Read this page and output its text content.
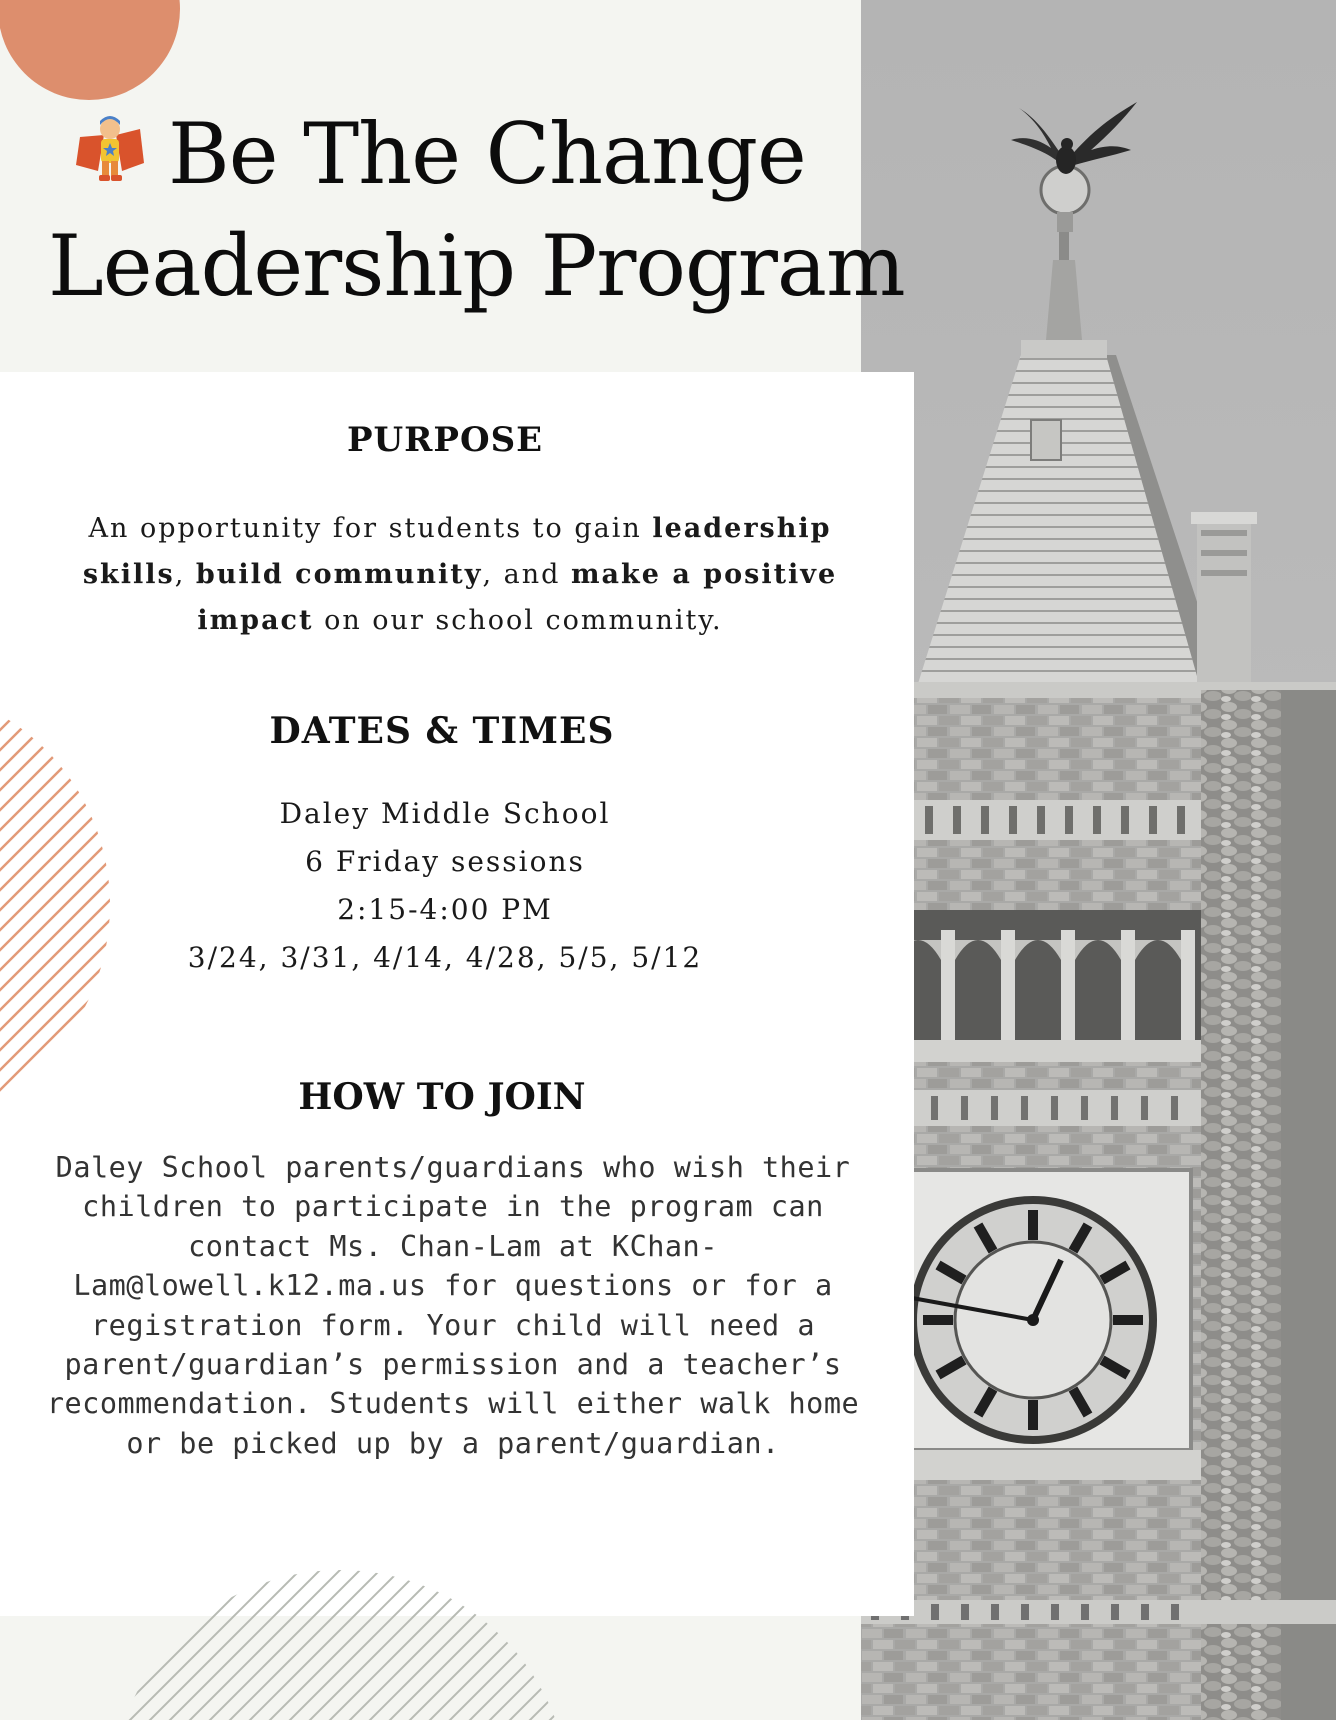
Be The Change
Leadership Program
PURPOSE

An opportunity for students to gain leadership skills, build community, and make a positive impact on our school community.

DATES & TIMES
Daley Middle School
6 Friday sessions
2:15-4:00 PM
3/24, 3/31, 4/14, 4/28, 5/5, 5/12
HOW TO JOIN

Daley School parents/guardians who wish their children to participate in the program can contact Ms. Chan-Lam at KChan-Lam@lowell.k12.ma.us for questions or for a registration form. Your child will need a parent/guardian’s permission and a teacher’s recommendation. Students will either walk home or be picked up by a parent/guardian.
